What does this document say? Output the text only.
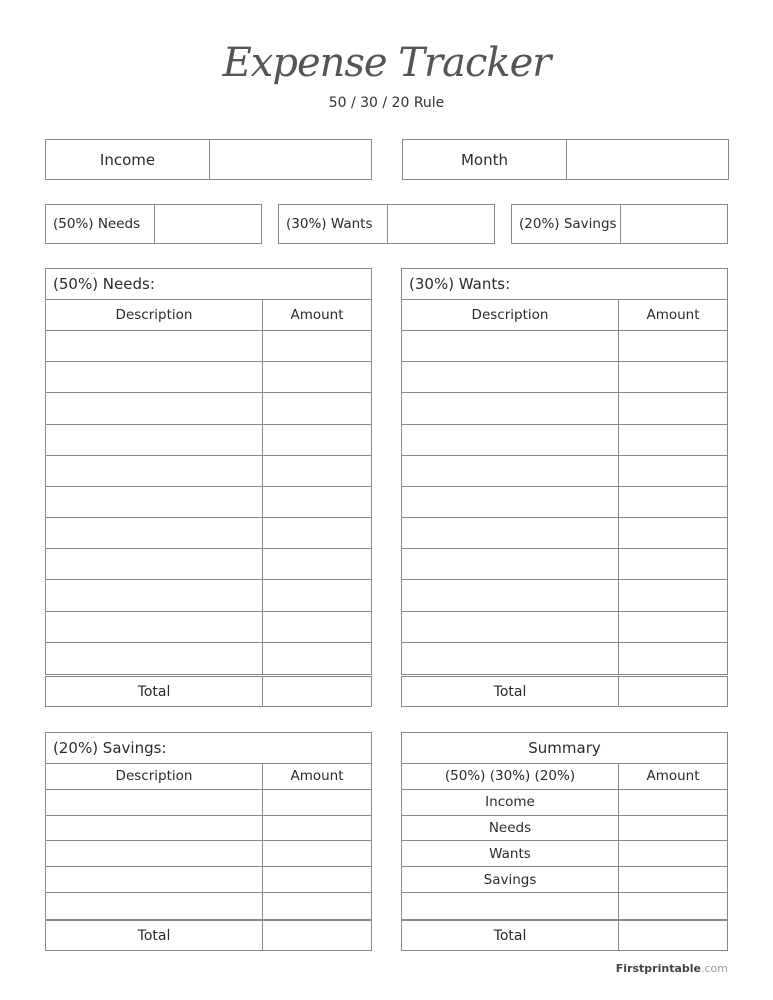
Expense Tracker
50 / 30 / 20 Rule
Income	Month
(50%) Needs	(30%) Wants	(20%) Savings
(50%) Needs:
Description	Amount
Total
(30%) Wants:
Description	Amount
Total
(20%) Savings:
Description	Amount
Total
Summary
(50%) (30%) (20%)	Amount
Income
Needs
Wants
Savings
Total
Firstprintable.com
